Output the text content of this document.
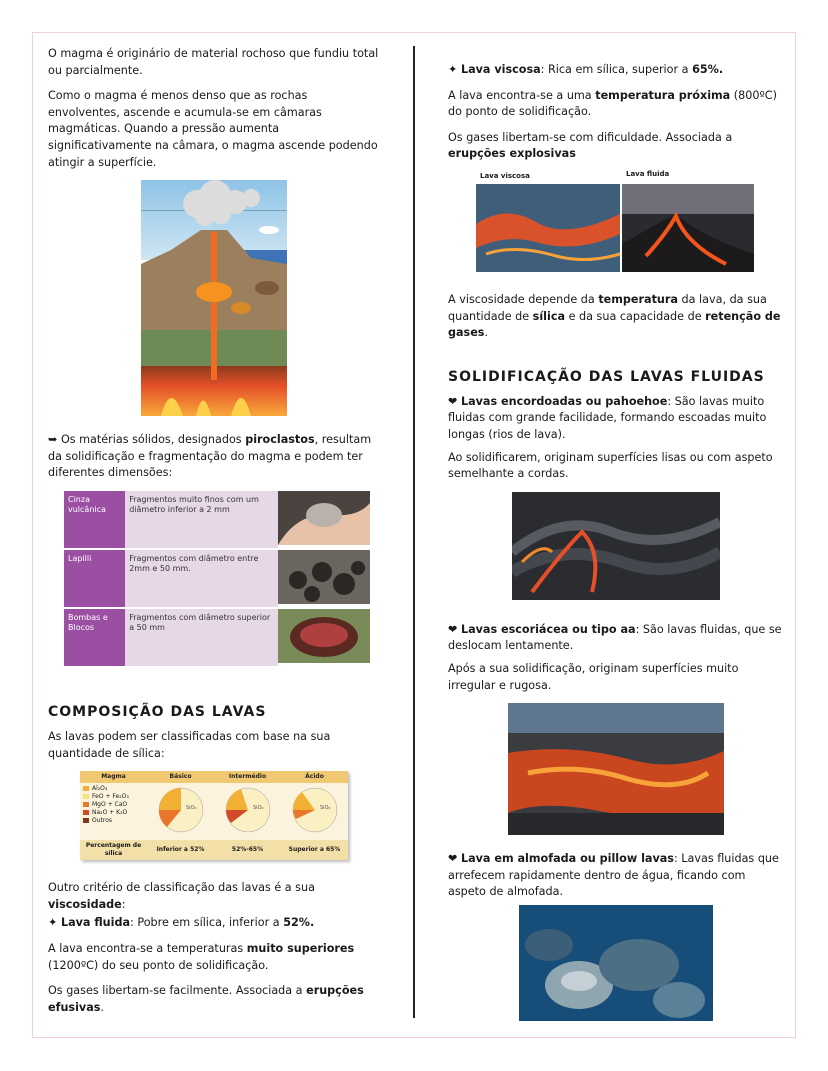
O magma é originário de material rochoso que fundiu total ou parcialmente.

Como o magma é menos denso que as rochas envolventes, ascende e acumula-se em câmaras magmáticas. Quando a pressão aumenta significativamente na câmara, o magma ascende podendo atingir a superfície.

➥ Os matérias sólidos, designados piroclastos, resultam da solidificação e fragmentação do magma e podem ter diferentes dimensões:

Cinza vulcânica	Fragmentos muito finos com um diâmetro inferior a 2 mm	
Lapilli	Fragmentos com diâmetro entre 2mm e 50 mm.	
Bombas e Blocos	Fragmentos com diâmetro superior a 50 mm	
COMPOSIÇÃO DAS LAVAS

As lavas podem ser classificadas com base na sua quantidade de sílica:

Magma	Básico	Intermédio	Ácido

Al₂O₃
FeO + Fe₂O₃
MgO + CaO
Na₂O + K₂O
Outros	SiO₂	SiO₂	SiO₂

Percentagem de sílica	Inferior a 52%	52%-65%	Superior a 65%

Outro critério de classificação das lavas é a sua viscosidade:

✦ Lava fluida: Pobre em sílica, inferior a 52%.

A lava encontra-se a temperaturas muito superiores (1200ºC) do seu ponto de solidificação.

Os gases libertam-se facilmente. Associada a erupções efusivas.

✦ Lava viscosa: Rica em sílica, superior a 65%.

A lava encontra-se a uma temperatura próxima (800ºC) do ponto de solidificação.

Os gases libertam-se com dificuldade. Associada a erupções explosivas

Lava viscosa	Lava fluida

A viscosidade depende da temperatura da lava, da sua quantidade de sílica e da sua capacidade de retenção de gases.

SOLIDIFICAÇÃO DAS LAVAS FLUIDAS

❤ Lavas encordoadas ou pahoehoe: São lavas muito fluidas com grande facilidade, formando escoadas muito longas (rios de lava).

Ao solidificarem, originam superfícies lisas ou com aspeto semelhante a cordas.

❤ Lavas escoriácea ou tipo aa: São lavas fluidas, que se deslocam lentamente.

Após a sua solidificação, originam superfícies muito irregular e rugosa.

❤ Lava em almofada ou pillow lavas: Lavas fluidas que arrefecem rapidamente dentro de água, ficando com aspeto de almofada.
